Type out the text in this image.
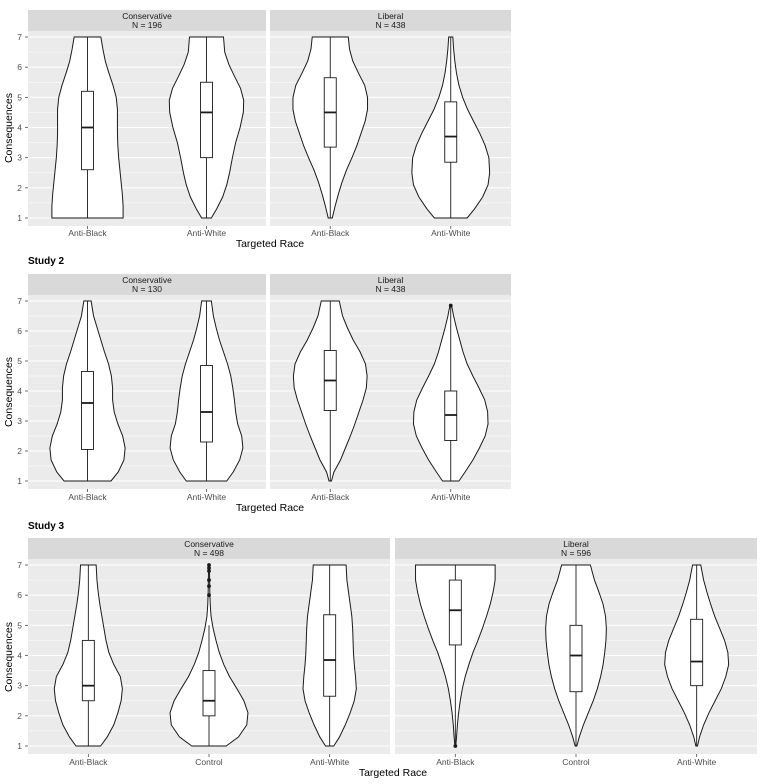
Consequences
1
2
3
4
5
6
7
Conservative
N = 196
Anti-Black	Anti-White
Liberal
N = 438
Anti-Black	Anti-White
Targeted Race
Study 2
Consequences
1
2
3
4
5
6
7
Conservative
N = 130
Anti-Black	Anti-White
Liberal
N = 438
Anti-Black	Anti-White
Targeted Race
Study 3
Consequences
1
2
3
4
5
6
7
Conservative
N = 498
Anti-Black	Control	Anti-White
Liberal
N = 596
Anti-Black	Control	Anti-White
Targeted Race
